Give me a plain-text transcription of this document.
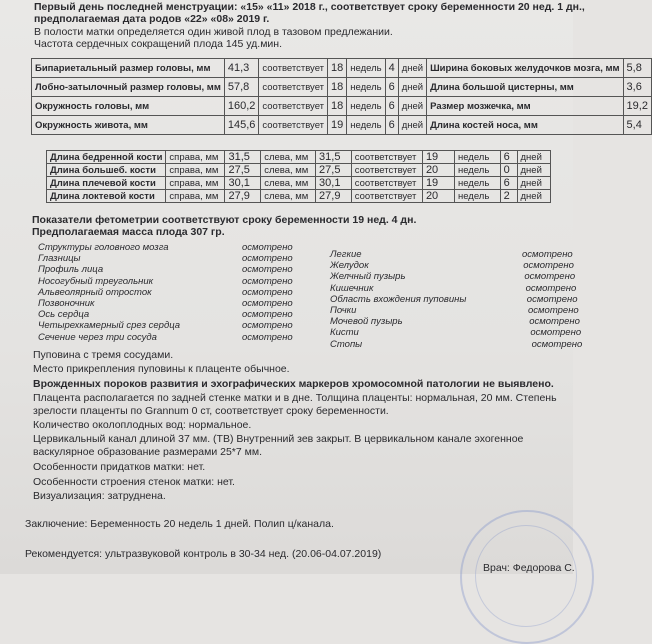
Первый день последней менструации: «15» «11» 2018 г., соответствует сроку беременности 20 нед. 1 дн.,
предполагаемая дата родов «22» «08» 2019 г.
В полости матки определяется один живой плод в тазовом предлежании.
Частота сердечных сокращений плода 145 уд.мин.
Бипариетальный размер головы, мм	41,3	соответствует	18	недель	4	дней	Ширина боковых желудочков мозга, мм	5,8
Лобно-затылочный размер головы, мм	57,8	соответствует	18	недель	6	дней	Длина большой цистерны, мм	3,6
Окружность головы, мм	160,2	соответствует	18	недель	6	дней	Размер мозжечка, мм	19,2
Окружность живота, мм	145,6	соответствует	19	недель	6	дней	Длина костей носа, мм	5,4
Длина бедренной кости	справа, мм	31,5	слева, мм	31,5	соответствует	19	недель	6	дней
Длина большеб. кости	справа, мм	27,5	слева, мм	27,5	соответствует	20	недель	0	дней
Длина плечевой кости	справа, мм	30,1	слева, мм	30,1	соответствует	19	недель	6	дней
Длина локтевой кости	справа, мм	27,9	слева, мм	27,9	соответствует	20	недель	2	дней
Показатели фетометрии соответствуют сроку беременности 19 нед. 4 дн.
Предполагаемая масса плода 307 гр.
Структуры головного мозга	осмотрено
Глазницы	осмотрено
Профиль лица	осмотрено
Носогубный треугольник	осмотрено
Альвеолярный отросток	осмотрено
Позвоночник	осмотрено
Ось сердца	осмотрено
Четырехкамерный срез сердца	осмотрено
Сечение через три сосуда	осмотрено
Легкие	осмотрено
Желудок	осмотрено
Желчный пузырь	осмотрено
Кишечник	осмотрено
Область вхождения пуповины	осмотрено
Почки	осмотрено
Мочевой пузырь	осмотрено
Кисти	осмотрено
Стопы	осмотрено
Пуповина с тремя сосудами.
Место прикрепления пуповины к плаценте обычное.
Врожденных пороков развития и эхографических маркеров хромосомной патологии не выявлено.
Плацента располагается по задней стенке матки и в дне. Толщина плаценты: нормальная, 20 мм. Степень
зрелости плаценты по Grannum 0 ст, соответствует сроку беременности.
Количество околоплодных вод: нормальное.
Цервикальный канал длиной 37 мм. (ТВ) Внутренний зев закрыт. В цервикальном канале эхогенное
васкулярное образование размерами 25*7 мм.
Особенности придатков матки: нет.
Особенности строения стенок матки: нет.
Визуализация: затруднена.
Заключение: Беременность 20 недель 1 дней. Полип ц/канала.
Рекомендуется: ультразвуковой контроль в 30-34 нед. (20.06-04.07.2019)
Врач: Федорова С.
